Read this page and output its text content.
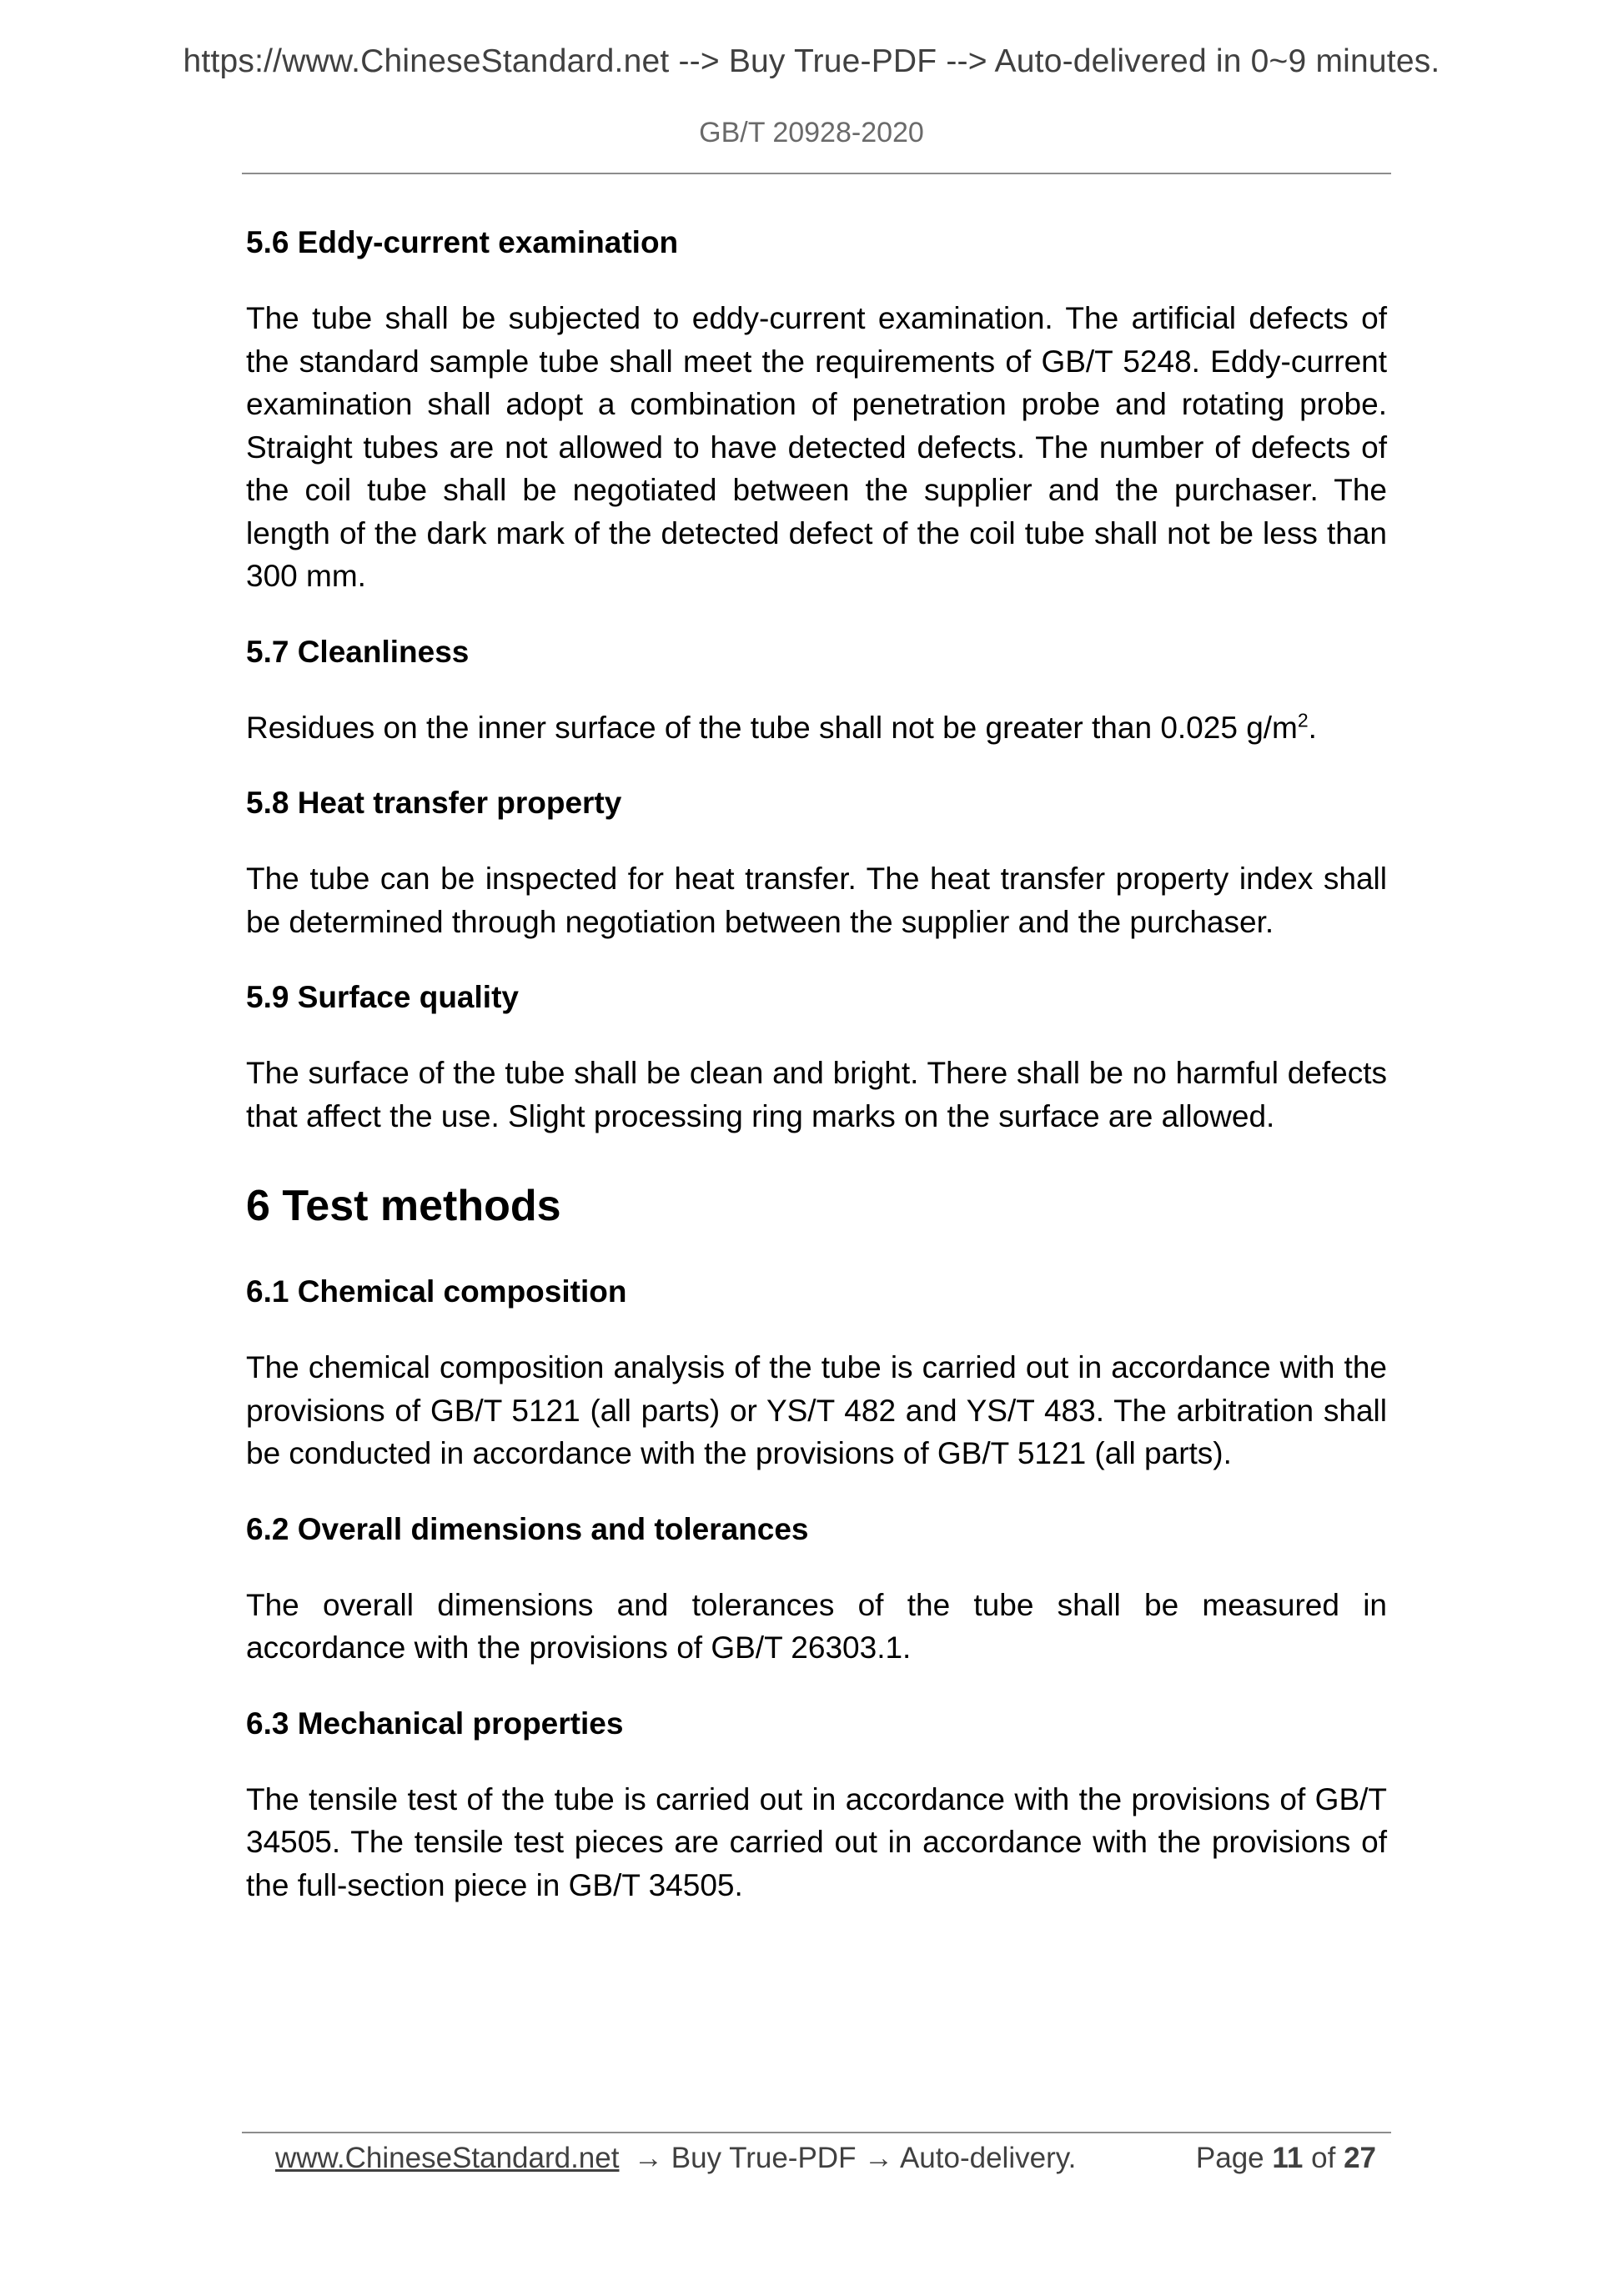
https://www.ChineseStandard.net --> Buy True-PDF --> Auto-delivered in 0~9 minutes.
GB/T 20928-2020
5.6 Eddy-current examination

The tube shall be subjected to eddy-current examination. The artificial defects of the standard sample tube shall meet the requirements of GB/T 5248. Eddy-current examination shall adopt a combination of penetration probe and rotating probe. Straight tubes are not allowed to have detected defects. The number of defects of the coil tube shall be negotiated between the supplier and the purchaser. The length of the dark mark of the detected defect of the coil tube shall not be less than 300 mm.

5.7 Cleanliness

Residues on the inner surface of the tube shall not be greater than 0.025 $g/m^2$.

5.8 Heat transfer property

The tube can be inspected for heat transfer. The heat transfer property index shall be determined through negotiation between the supplier and the purchaser.

5.9 Surface quality

The surface of the tube shall be clean and bright. There shall be no harmful defects that affect the use. Slight processing ring marks on the surface are allowed.

6 Test methods
6.1 Chemical composition

The chemical composition analysis of the tube is carried out in accordance with the provisions of GB/T 5121 (all parts) or YS/T 482 and YS/T 483. The arbitration shall be conducted in accordance with the provisions of GB/T 5121 (all parts).

6.2 Overall dimensions and tolerances

The overall dimensions and tolerances of the tube shall be measured in accordance with the provisions of GB/T 26303.1.

6.3 Mechanical properties

The tensile test of the tube is carried out in accordance with the provisions of GB/T 34505. The tensile test pieces are carried out in accordance with the provisions of the full-section piece in GB/T 34505.

www.ChineseStandard.net → Buy True-PDF → Auto-delivery.	Page 11 of 27
